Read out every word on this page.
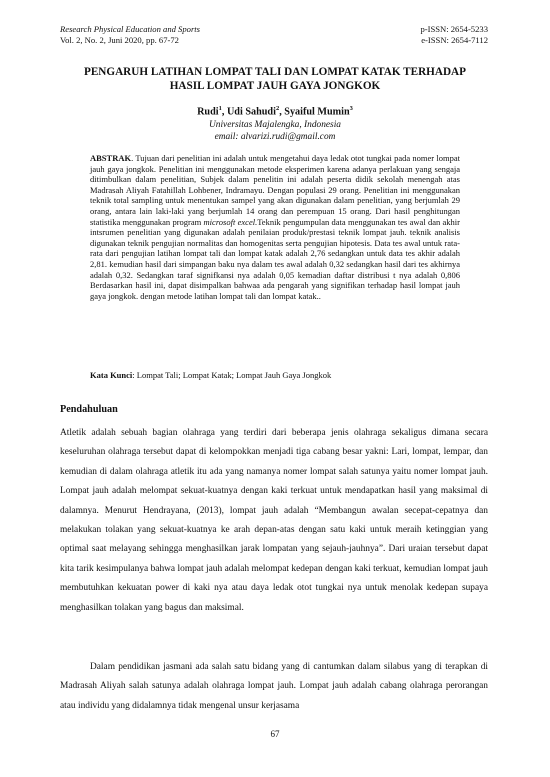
Research Physical Education and Sports	p-ISSN: 2654-5233
Vol. 2, No. 2, Juni 2020, pp. 67-72	e-ISSN: 2654-7112
PENGARUH LATIHAN LOMPAT TALI DAN LOMPAT KATAK TERHADAP
HASIL LOMPAT JAUH GAYA JONGKOK
Rudi$^1$, Udi Sahudi$^2$, Syaiful Mumin$^3$
Universitas Majalengka, Indonesia
email: alvarizi.rudi@gmail.com
ABSTRAK. Tujuan dari penelitian ini adalah untuk mengetahui daya ledak otot tungkai pada nomer lompat jauh gaya jongkok. Penelitian ini menggunakan metode eksperimen karena adanya perlakuan yang sengaja ditimbulkan dalam penelitian, Subjek dalam penelitin ini adalah peserta didik sekolah menengah atas Madrasah Aliyah Fatahillah Lohbener, Indramayu. Dengan populasi 29 orang. Penelitian ini menggunakan teknik total sampling untuk menentukan sampel yang akan digunakan dalam penelitian, yang berjumlah 29 orang, antara lain laki-laki yang berjumlah 14 orang dan perempuan 15 orang. Dari hasil penghitungan statistika menggunakan program microsoft excel.Teknik pengumpulan data menggunakan tes awal dan akhir intsrumen penelitian yang digunakan adalah penilaian produk/prestasi teknik lompat jauh. teknik analisis digunakan teknik pengujian normalitas dan homogenitas serta pengujian hipotesis. Data tes awal untuk rata-rata dari pengujian latihan lompat tali dan lompat katak adalah 2,76 sedangkan untuk data tes akhir adalah 2,81. kemudian hasil dari simpangan baku nya dalam tes awal adalah 0,32 sedangkan hasil dari tes akhirnya adalah 0,32. Sedangkan taraf signifkansi nya adalah 0,05 kemadian daftar distribusi t nya adalah 0,806 Berdasarkan hasil ini, dapat disimpalkan bahwaa ada pengarah yang signifikan terhadap hasil lompat jauh gaya jongkok. dengan metode latihan lompat tali dan lompat katak..
Kata Kunci: Lompat Tali; Lompat Katak; Lompat Jauh Gaya Jongkok
Pendahuluan
Atletik adalah sebuah bagian olahraga yang terdiri dari beberapa jenis olahraga sekaligus dimana secara keseluruhan olahraga tersebut dapat di kelompokkan menjadi tiga cabang besar yakni: Lari, lompat, lempar, dan kemudian di dalam olahraga atletik itu ada yang namanya nomer lompat salah satunya yaitu nomer lompat jauh. Lompat jauh adalah melompat sekuat-kuatnya dengan kaki terkuat untuk mendapatkan hasil yang maksimal di dalamnya. Menurut Hendrayana, (2013), lompat jauh adalah “Membangun awalan secepat-cepatnya dan melakukan tolakan yang sekuat-kuatnya ke arah depan-atas dengan satu kaki untuk meraih ketinggian yang optimal saat melayang sehingga menghasilkan jarak lompatan yang sejauh-jauhnya”. Dari uraian tersebut dapat kita tarik kesimpulanya bahwa lompat jauh adalah melompat kedepan dengan kaki terkuat, kemudian lompat jauh membutuhkan kekuatan power di kaki nya atau daya ledak otot tungkai nya untuk menolak kedepan supaya menghasilkan tolakan yang bagus dan maksimal.
Dalam pendidikan jasmani ada salah satu bidang yang di cantumkan dalam silabus yang di terapkan di Madrasah Aliyah salah satunya adalah olahraga lompat jauh. Lompat jauh adalah cabang olahraga perorangan atau individu yang didalamnya tidak mengenal unsur kerjasama
67
